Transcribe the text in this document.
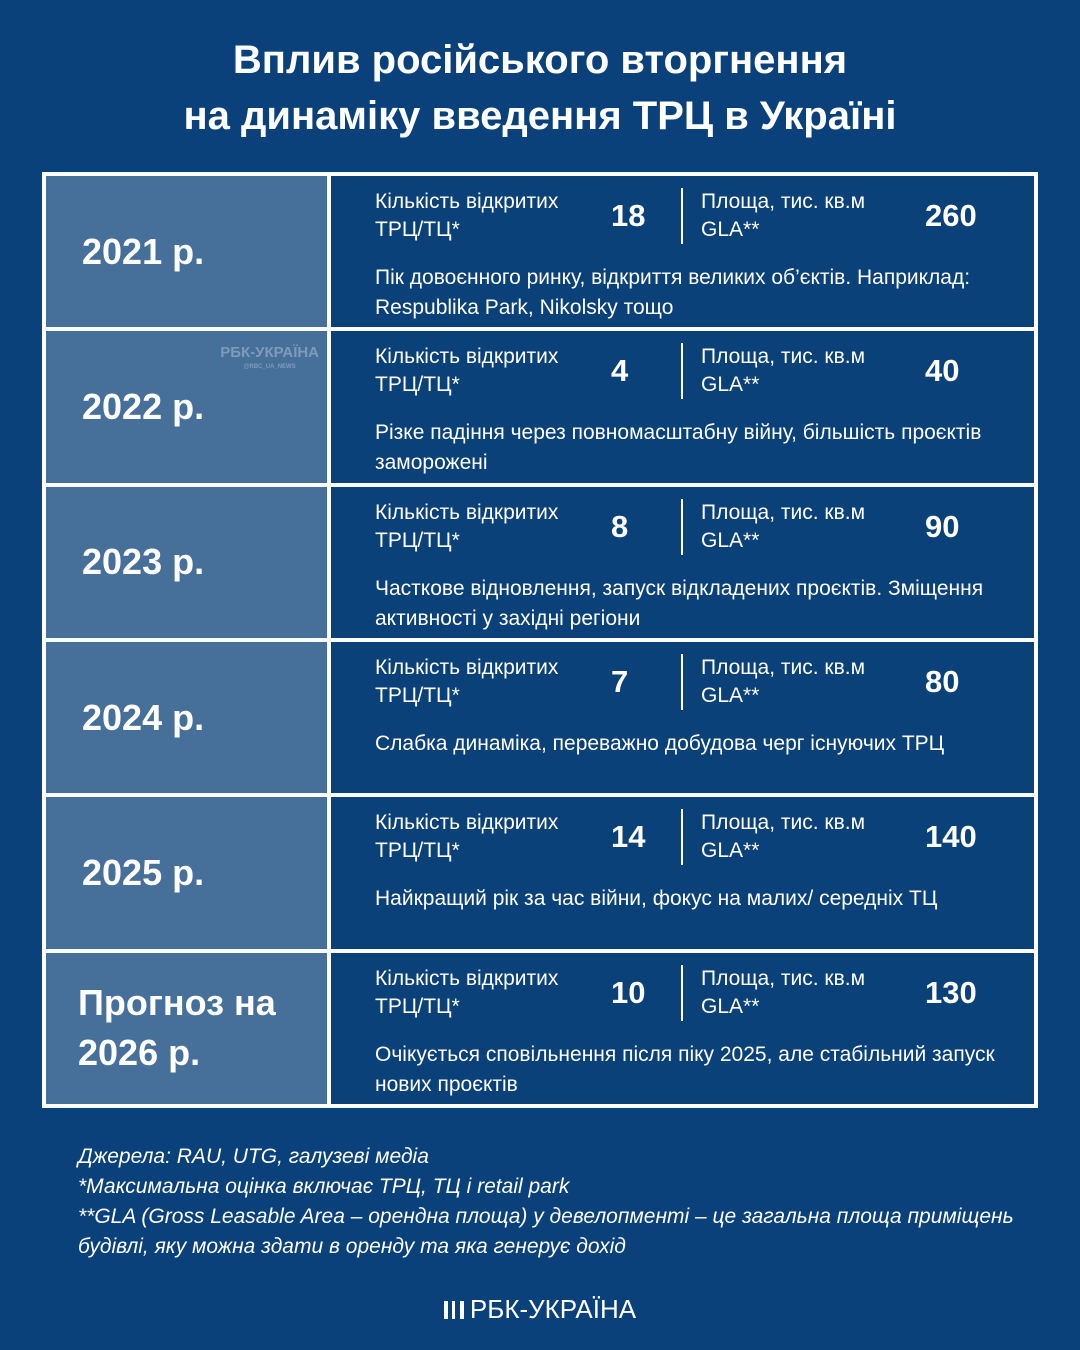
Вплив російського вторгнення
на динаміку введення ТРЦ в Україні
2021 р.
Кількість відкритих ТРЦ/ТЦ*	18	Площа, тис. кв.м GLA**	260
Пік довоєнного ринку, відкриття великих об’єктів. Наприклад: Respublika Park, Nikolsky тощо
2022 р.
РБК-УКРАЇНА
@RBC_UA_NEWS	Кількість відкритих ТРЦ/ТЦ*	4	Площа, тис. кв.м GLA**	40
Різке падіння через повномасштабну війну, більшість проєктів заморожені
2023 р.
Кількість відкритих ТРЦ/ТЦ*	8	Площа, тис. кв.м GLA**	90
Часткове відновлення, запуск відкладених проєктів. Зміщення активності у західні регіони
2024 р.
Кількість відкритих ТРЦ/ТЦ*	7	Площа, тис. кв.м GLA**	80
Слабка динаміка, переважно добудова черг існуючих ТРЦ
2025 р.
Кількість відкритих ТРЦ/ТЦ*	14	Площа, тис. кв.м GLA**	140
Найкращий рік за час війни, фокус на малих/ середніх ТЦ
Прогноз на 2026 р.
Кількість відкритих ТРЦ/ТЦ*	10	Площа, тис. кв.м GLA**	130
Очікується сповільнення після піку 2025, але стабільний запуск нових проєктів
Джерела: RAU, UTG, галузеві медіа
*Максимальна оцінка включає ТРЦ, ТЦ і retail park
**GLA (Gross Leasable Area – орендна площа) у девелопменті – це загальна площа приміщень будівлі, яку можна здати в оренду та яка генерує дохід
РБК-УКРАЇНА
